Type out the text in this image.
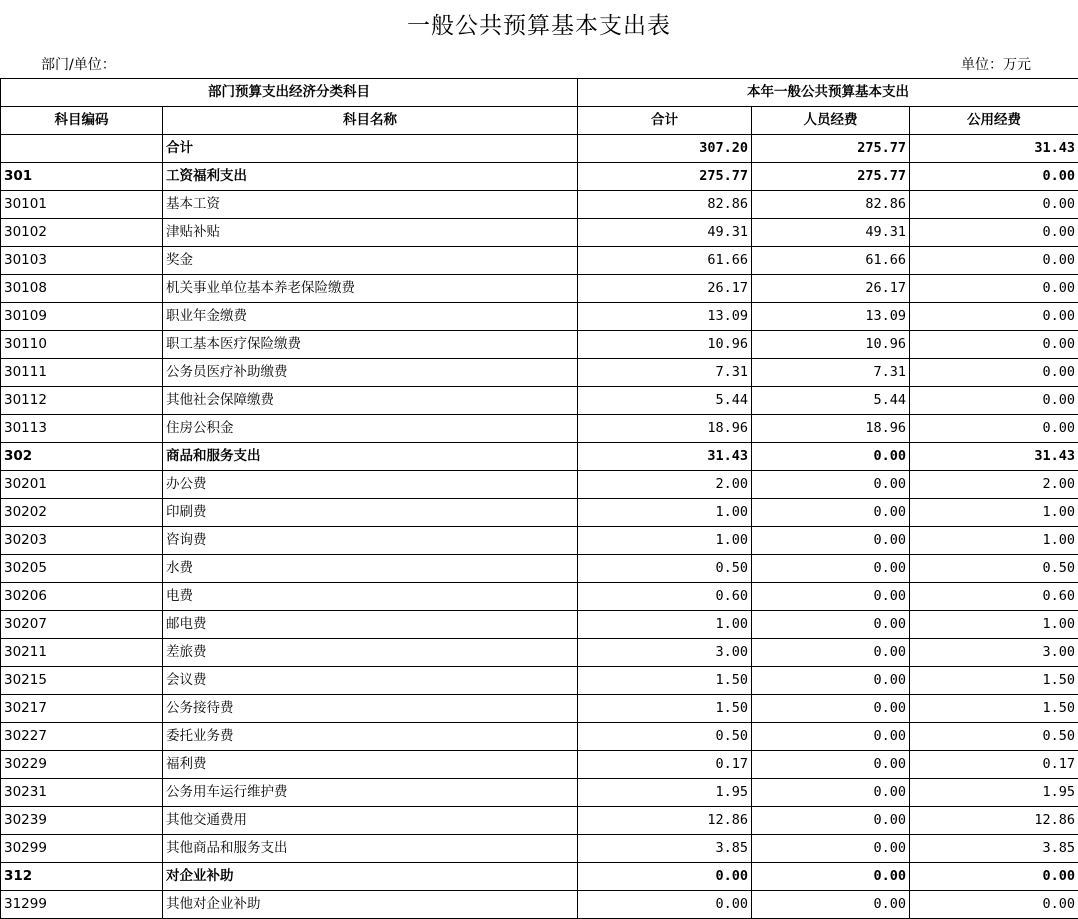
一般公共预算基本支出表
部门/单位：	单位：万元
部门预算支出经济分类科目		本年一般公共预算基本支出		
科目编码	科目名称	合计	人员经费	公用经费
	合计	307.20	275.77	31.43
301	工资福利支出	275.77	275.77	0.00
30101	基本工资	82.86	82.86	0.00
30102	津贴补贴	49.31	49.31	0.00
30103	奖金	61.66	61.66	0.00
30108	机关事业单位基本养老保险缴费	26.17	26.17	0.00
30109	职业年金缴费	13.09	13.09	0.00
30110	职工基本医疗保险缴费	10.96	10.96	0.00
30111	公务员医疗补助缴费	7.31	7.31	0.00
30112	其他社会保障缴费	5.44	5.44	0.00
30113	住房公积金	18.96	18.96	0.00
302	商品和服务支出	31.43	0.00	31.43
30201	办公费	2.00	0.00	2.00
30202	印刷费	1.00	0.00	1.00
30203	咨询费	1.00	0.00	1.00
30205	水费	0.50	0.00	0.50
30206	电费	0.60	0.00	0.60
30207	邮电费	1.00	0.00	1.00
30211	差旅费	3.00	0.00	3.00
30215	会议费	1.50	0.00	1.50
30217	公务接待费	1.50	0.00	1.50
30227	委托业务费	0.50	0.00	0.50
30229	福利费	0.17	0.00	0.17
30231	公务用车运行维护费	1.95	0.00	1.95
30239	其他交通费用	12.86	0.00	12.86
30299	其他商品和服务支出	3.85	0.00	3.85
312	对企业补助	0.00	0.00	0.00
31299	其他对企业补助	0.00	0.00	0.00
